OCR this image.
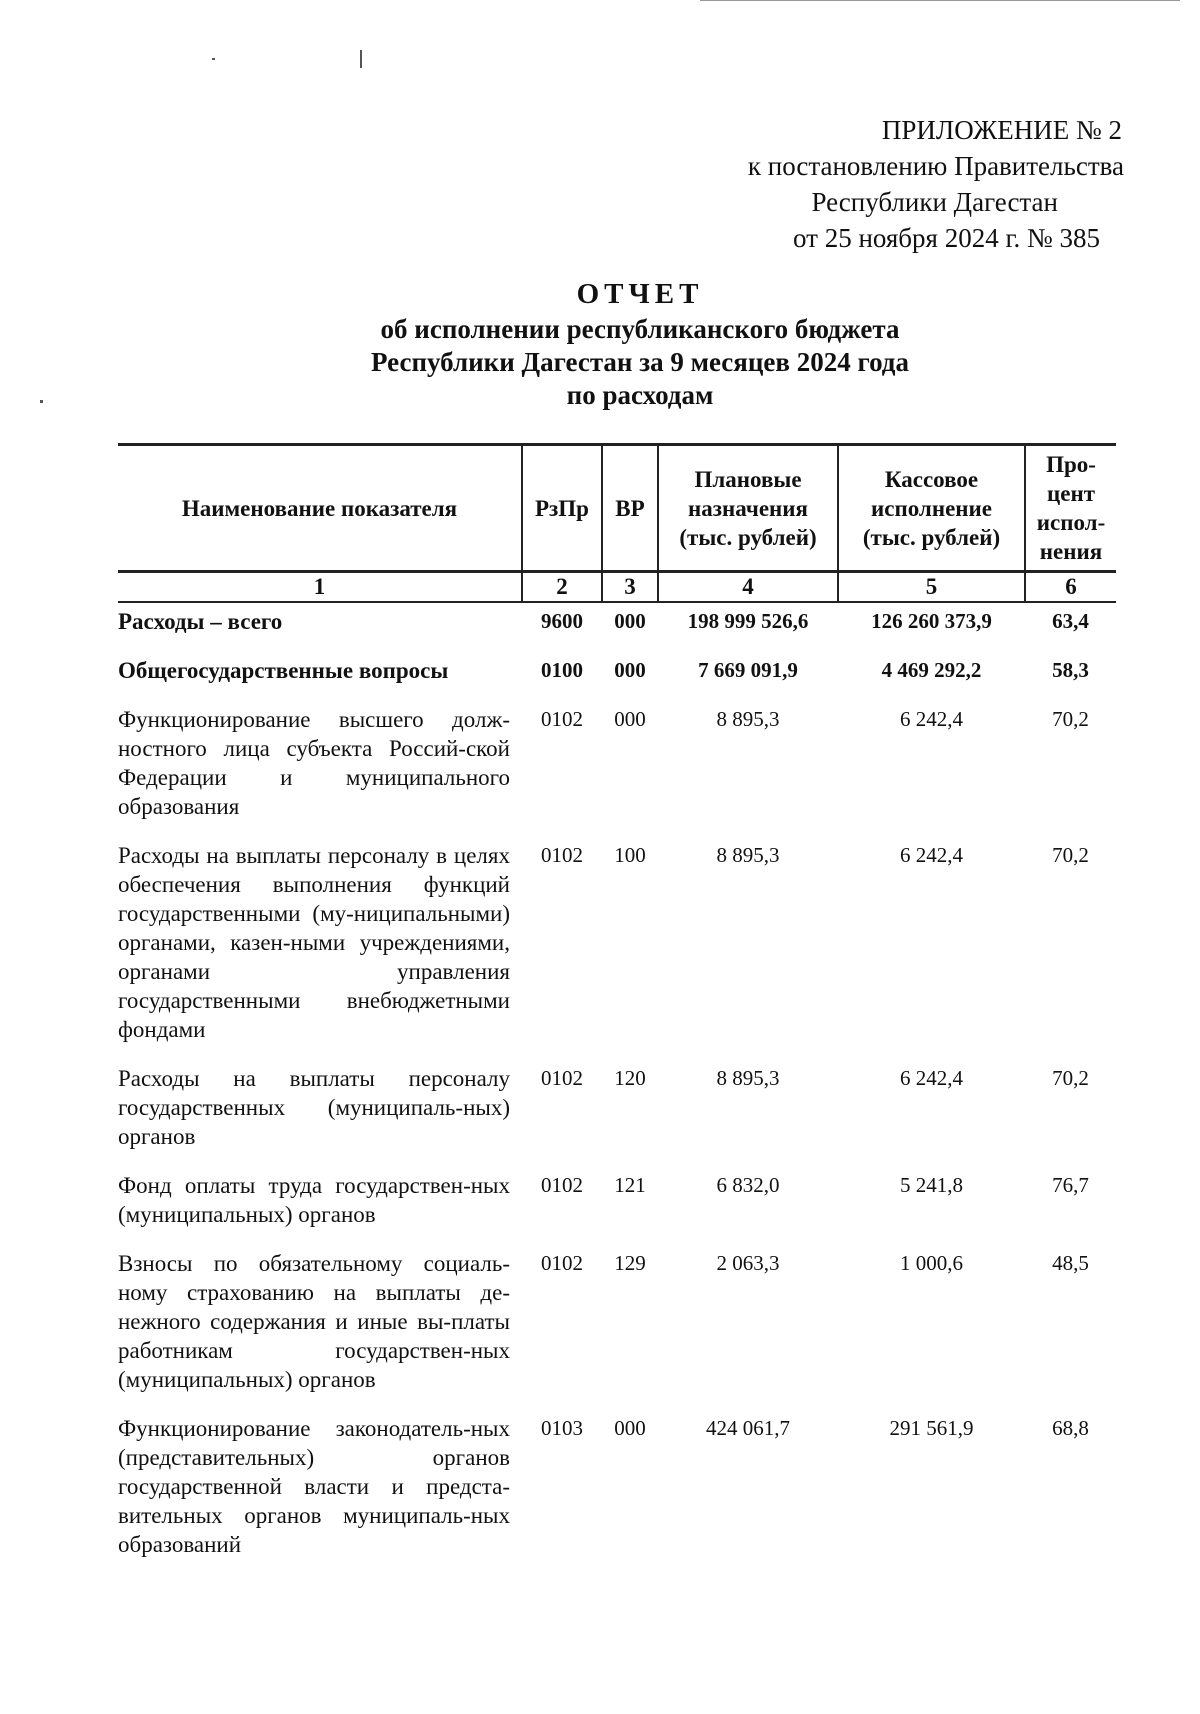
ПРИЛОЖЕНИЕ № 2
к постановлению Правительства
Республики Дагестан
от 25 ноября 2024 г. № 385
ОТЧЕТ
об исполнении республиканского бюджета
Республики Дагестан за 9 месяцев 2024 года
по расходам
Наименование показателя	РзПр	ВР	Плановые назначения (тыс. рублей)	Кассовое исполнение (тыс. рублей)	Про-цент испол-нения
1	2	3	4	5	6
Расходы – всего	9600	000	198 999 526,6	126 260 373,9	63,4
Общегосударственные вопросы	0100	000	7 669 091,9	4 469 292,2	58,3
Функционирование высшего долж-ностного лица субъекта Россий-ской Федерации и муниципального образования	0102	000	8 895,3	6 242,4	70,2
Расходы на выплаты персоналу в целях обеспечения выполнения функций государственными (му-ниципальными) органами, казен-ными учреждениями, органами управления государственными внебюджетными фондами	0102	100	8 895,3	6 242,4	70,2
Расходы на выплаты персоналу государственных (муниципаль-ных) органов	0102	120	8 895,3	6 242,4	70,2
Фонд оплаты труда государствен-ных (муниципальных) органов	0102	121	6 832,0	5 241,8	76,7
Взносы по обязательному социаль-ному страхованию на выплаты де-нежного содержания и иные вы-платы работникам государствен-ных (муниципальных) органов	0102	129	2 063,3	1 000,6	48,5
Функционирование законодатель-ных (представительных) органов государственной власти и предста-вительных органов муниципаль-ных образований	0103	000	424 061,7	291 561,9	68,8
